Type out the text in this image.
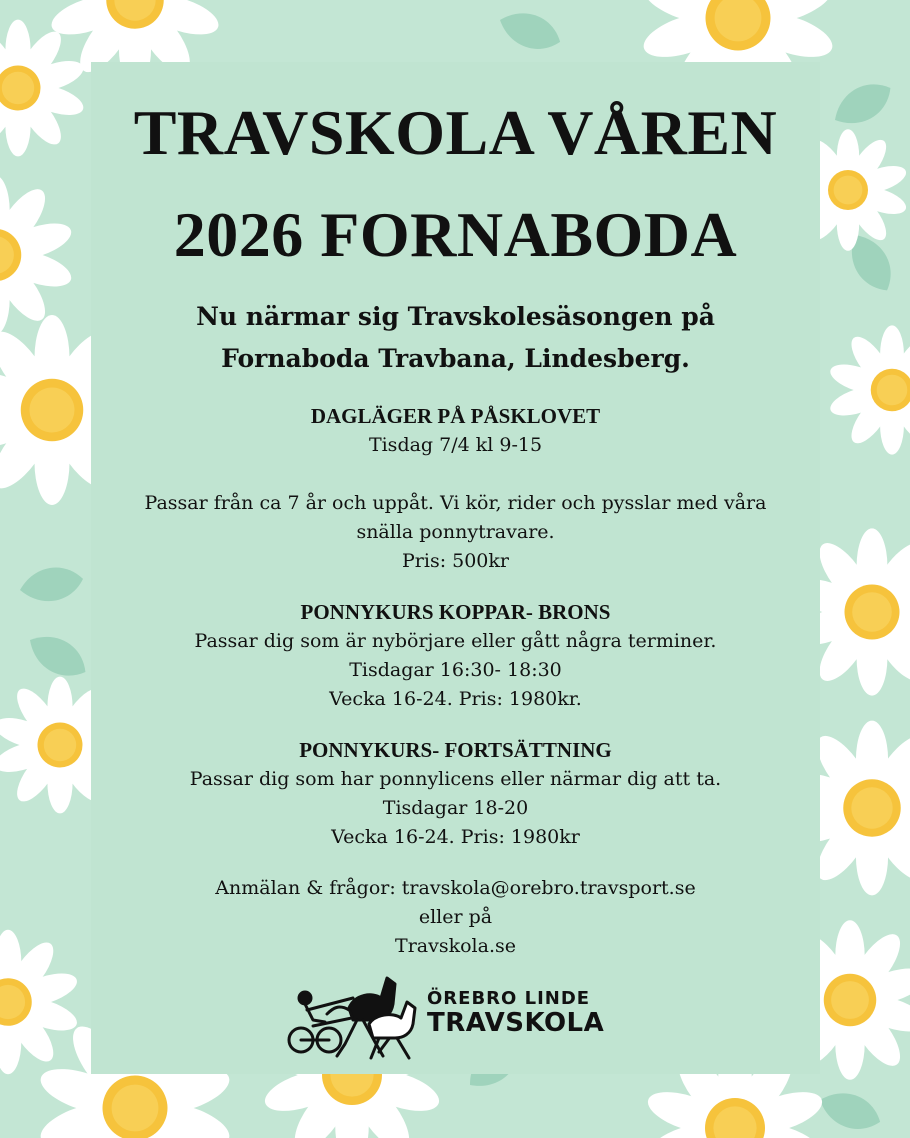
TRAVSKOLA VÅREN
2026 FORNABODA
Nu närmar sig Travskolesäsongen på
Fornaboda Travbana, Lindesberg.
DAGLÄGER PÅ PÅSKLOVET
Tisdag 7/4 kl 9-15
Passar från ca 7 år och uppåt. Vi kör, rider och pysslar med våra
snälla ponnytravare.
Pris: 500kr
PONNYKURS KOPPAR- BRONS
Passar dig som är nybörjare eller gått några terminer.
Tisdagar 16:30- 18:30
Vecka 16-24. Pris: 1980kr.
PONNYKURS- FORTSÄTTNING
Passar dig som har ponnylicens eller närmar dig att ta.
Tisdagar 18-20
Vecka 16-24. Pris: 1980kr
Anmälan & frågor: travskola@orebro.travsport.se
eller på
Travskola.se
ÖREBRO LINDE
TRAVSKOLA
